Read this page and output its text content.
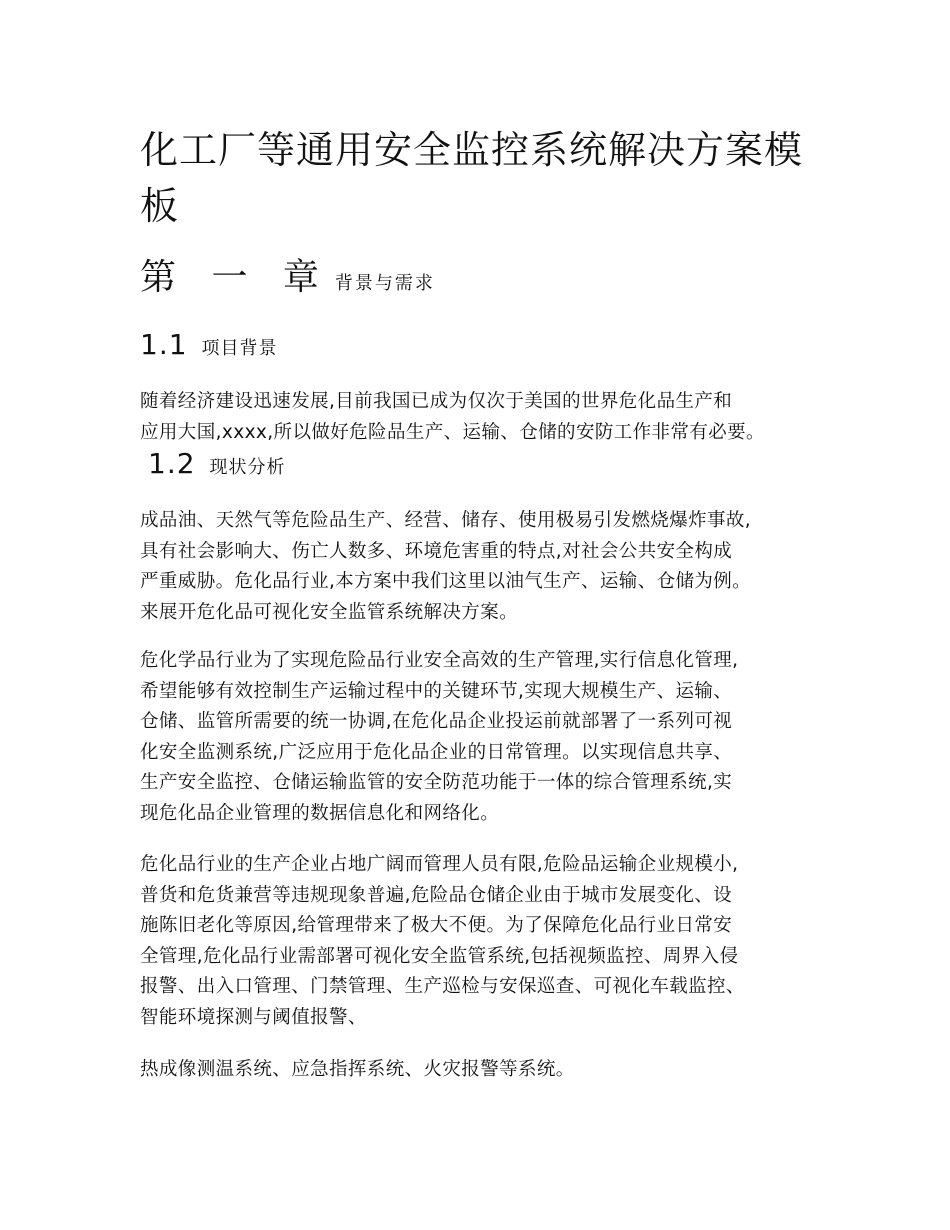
化工厂等通用安全监控系统解决方案模板
第 一 章 背景与需求
1.1 项目背景

随着经济建设迅速发展,目前我国已成为仅次于美国的世界危化品生产和
应用大国,xxxx,所以做好危险品生产、运输、仓储的安防工作非常有必要。

1.2 现状分析

成品油、天然气等危险品生产、经营、储存、使用极易引发燃烧爆炸事故,
具有社会影响大、伤亡人数多、环境危害重的特点,对社会公共安全构成
严重威胁。危化品行业,本方案中我们这里以油气生产、运输、仓储为例。
来展开危化品可视化安全监管系统解决方案。

危化学品行业为了实现危险品行业安全高效的生产管理,实行信息化管理,
希望能够有效控制生产运输过程中的关键环节,实现大规模生产、运输、
仓储、监管所需要的统一协调,在危化品企业投运前就部署了一系列可视
化安全监测系统,广泛应用于危化品企业的日常管理。以实现信息共享、
生产安全监控、仓储运输监管的安全防范功能于一体的综合管理系统,实
现危化品企业管理的数据信息化和网络化。

危化品行业的生产企业占地广阔而管理人员有限,危险品运输企业规模小,
普货和危货兼营等违规现象普遍,危险品仓储企业由于城市发展变化、设
施陈旧老化等原因,给管理带来了极大不便。为了保障危化品行业日常安
全管理,危化品行业需部署可视化安全监管系统,包括视频监控、周界入侵
报警、出入口管理、门禁管理、生产巡检与安保巡查、可视化车载监控、
智能环境探测与阈值报警、

热成像测温系统、应急指挥系统、火灾报警等系统。
